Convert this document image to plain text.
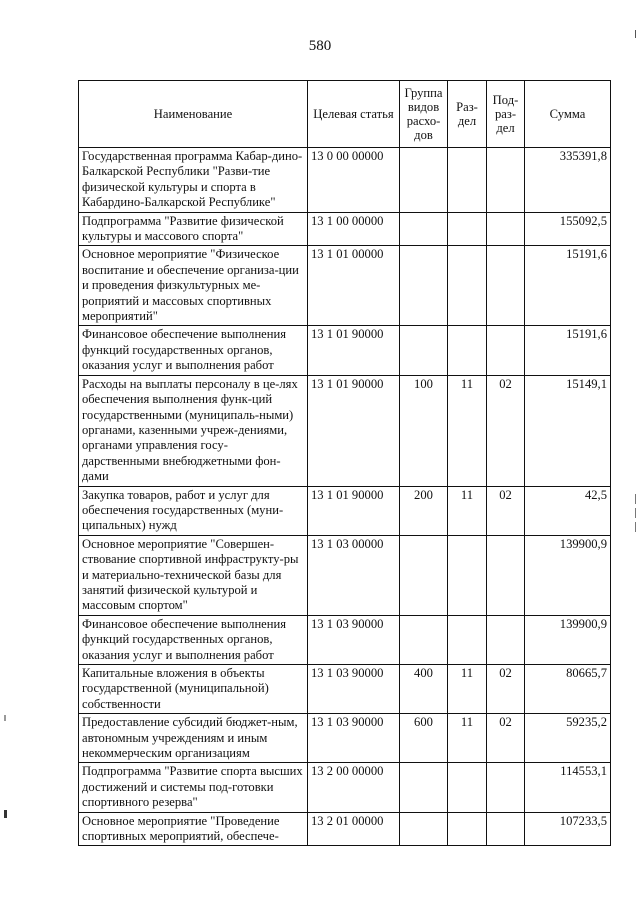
580
Наименование	Целевая статья	Группа видов расхо-дов	Раз-дел	Под-раз-дел	Сумма
Государственная программа Кабар-дино-Балкарской Республики "Разви-тие физической культуры и спорта в Кабардино-Балкарской Республике"	13 0 00 00000				335391,8
Подпрограмма "Развитие физической культуры и массового спорта"	13 1 00 00000				155092,5
Основное мероприятие "Физическое воспитание и обеспечение организа-ции и проведения физкультурных ме-роприятий и массовых спортивных мероприятий"	13 1 01 00000				15191,6
Финансовое обеспечение выполнения функций государственных органов, оказания услуг и выполнения работ	13 1 01 90000				15191,6
Расходы на выплаты персоналу в це-лях обеспечения выполнения функ-ций государственными (муниципаль-ными) органами, казенными учреж-дениями, органами управления госу-дарственными внебюджетными фон-дами	13 1 01 90000	100	11	02	15149,1
Закупка товаров, работ и услуг для обеспечения государственных (муни-ципальных) нужд	13 1 01 90000	200	11	02	42,5
Основное мероприятие "Совершен-ствование спортивной инфраструкту-ры и материально-технической базы для занятий физической культурой и массовым спортом"	13 1 03 00000				139900,9
Финансовое обеспечение выполнения функций государственных органов, оказания услуг и выполнения работ	13 1 03 90000				139900,9
Капитальные вложения в объекты государственной (муниципальной) собственности	13 1 03 90000	400	11	02	80665,7
Предоставление субсидий бюджет-ным, автономным учреждениям и иным некоммерческим организациям	13 1 03 90000	600	11	02	59235,2
Подпрограмма "Развитие спорта высших достижений и системы под-готовки спортивного резерва"	13 2 00 00000				114553,1
Основное мероприятие "Проведение спортивных мероприятий, обеспече-	13 2 01 00000				107233,5
